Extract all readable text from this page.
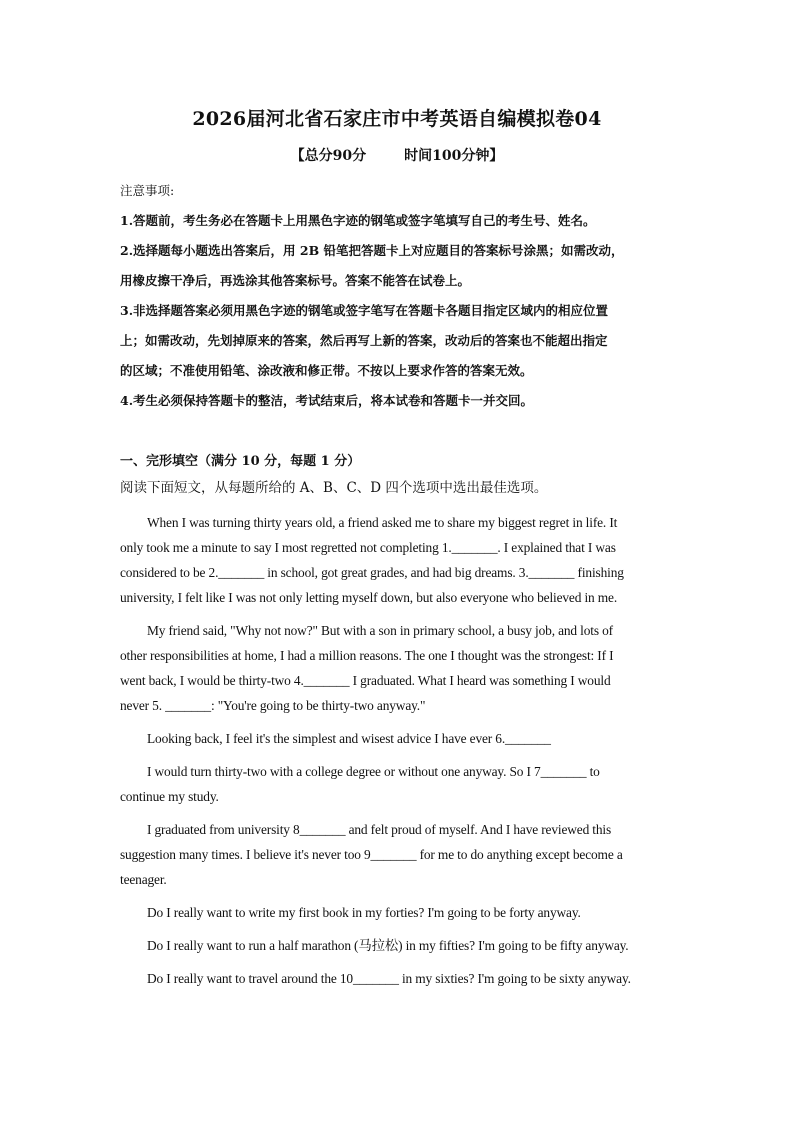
2026届河北省石家庄市中考英语自编模拟卷04
【总分90分	时间100分钟】

注意事项:

1.答题前，考生务必在答题卡上用黑色字迹的钢笔或签字笔填写自己的考生号、姓名。

2.选择题每小题选出答案后，用 2B 铅笔把答题卡上对应题目的答案标号涂黑；如需改动，

用橡皮擦干净后，再选涂其他答案标号。答案不能答在试卷上。

3.非选择题答案必须用黑色字迹的钢笔或签字笔写在答题卡各题目指定区域内的相应位置

上；如需改动，先划掉原来的答案，然后再写上新的答案，改动后的答案也不能超出指定

的区域；不准使用铅笔、涂改液和修正带。不按以上要求作答的答案无效。

4.考生必须保持答题卡的整洁，考试结束后，将本试卷和答题卡一并交回。

一、完形填空（满分 10 分，每题 1 分）
阅读下面短文，从每题所给的 A、B、C、D 四个选项中选出最佳选项。
When I was turning thirty years old, a friend asked me to share my biggest regret in life. It
only took me a minute to say I most regretted not completing 1._______. I explained that I was
considered to be 2._______ in school, got great grades, and had big dreams. 3._______ finishing
university, I felt like I was not only letting myself down, but also everyone who believed in me.
My friend said, "Why not now?" But with a son in primary school, a busy job, and lots of
other responsibilities at home, I had a million reasons. The one I thought was the strongest: If I
went back, I would be thirty-two 4._______ I graduated. What I heard was something I would
never 5. _______: "You're going to be thirty-two anyway."
Looking back, I feel it's the simplest and wisest advice I have ever 6._______
I would turn thirty-two with a college degree or without one anyway. So I 7_______ to
continue my study.
I graduated from university 8_______ and felt proud of myself. And I have reviewed this
suggestion many times. I believe it's never too 9_______ for me to do anything except become a
teenager.
Do I really want to write my first book in my forties? I'm going to be forty anyway.
Do I really want to run a half marathon (马拉松) in my fifties? I'm going to be fifty anyway.
Do I really want to travel around the 10_______ in my sixties? I'm going to be sixty anyway.
